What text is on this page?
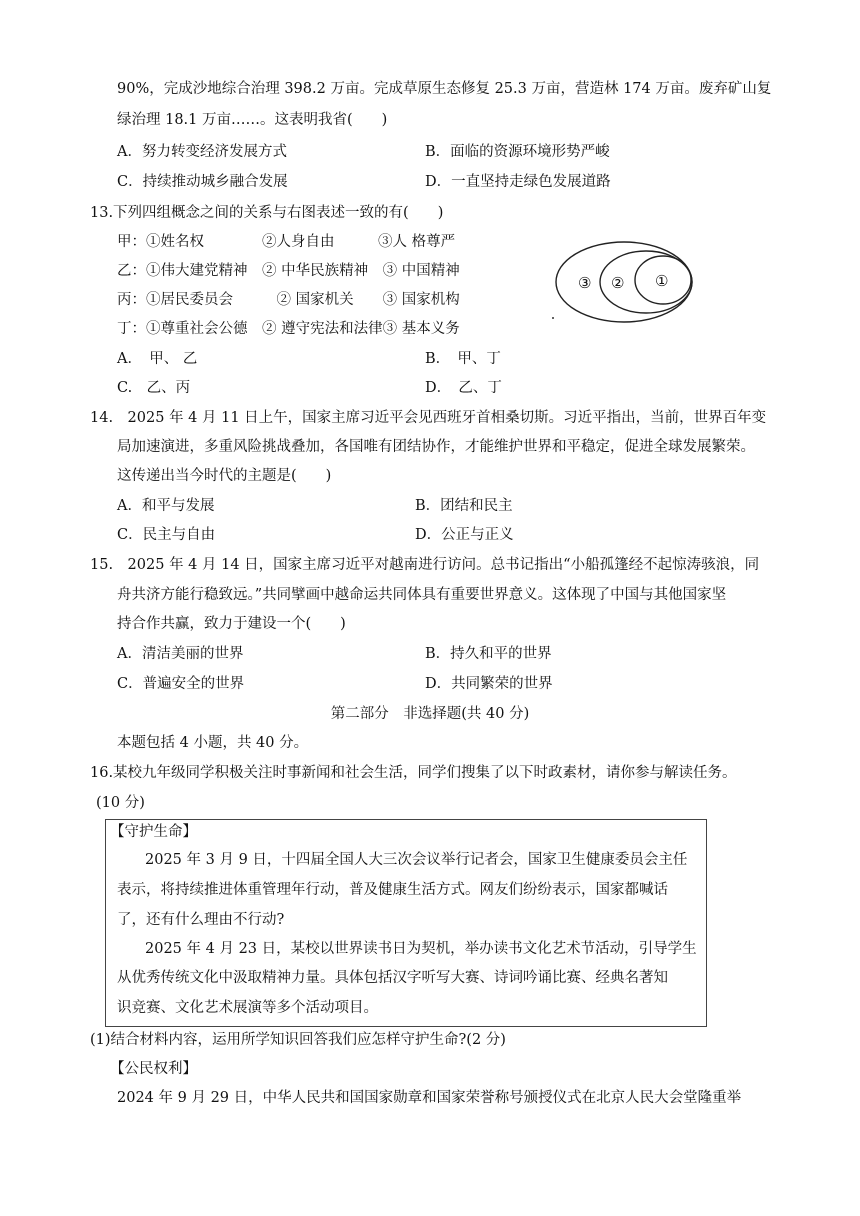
90%，完成沙地综合治理 398.2 万亩。完成草原生态修复 25.3 万亩，营造林 174 万亩。废弃矿山复
绿治理 18.1 万亩……。这表明我省(　　)
A．努力转变经济发展方式	B．面临的资源环境形势严峻
C．持续推动城乡融合发展	D．一直坚持走绿色发展道路
13.下列四组概念之间的关系与右图表述一致的有(　　)
甲：①姓名权　　　　②人身自由　　　③人 格尊严
乙：①伟大建党精神　② 中华民族精神　③ 中国精神
丙：①居民委员会　　　② 国家机关　　③ 国家机构
丁：①尊重社会公德　② 遵守宪法和法律③ 基本义务
A．　甲、 乙	B．　甲、丁
C.　乙、丙	D．　乙、丁
③ ② ①
14.　2025 年 4 月 11 日上午，国家主席习近平会见西班牙首相桑切斯。习近平指出，当前，世界百年变
局加速演进，多重风险挑战叠加，各国唯有团结协作，才能维护世界和平稳定，促进全球发展繁荣。
这传递出当今时代的主题是(　　)
A．和平与发展	B．团结和民主
C．民主与自由	D．公正与正义
15.　2025 年 4 月 14 日，国家主席习近平对越南进行访问。总书记指出“小船孤篷经不起惊涛骇浪，同
舟共济方能行稳致远。”共同擘画中越命运共同体具有重要世界意义。这体现了中国与其他国家坚
持合作共赢，致力于建设一个(　　)
A．清洁美丽的世界	B．持久和平的世界
C．普遍安全的世界	D．共同繁荣的世界
第二部分　非选择题(共 40 分)
本题包括 4 小题，共 40 分。
16.某校九年级同学积极关注时事新闻和社会生活，同学们搜集了以下时政素材，请你参与解读任务。
(10 分)
【守护生命】
2025 年 3 月 9 日，十四届全国人大三次会议举行记者会，国家卫生健康委员会主任
表示，将持续推进体重管理年行动，普及健康生活方式。网友们纷纷表示，国家都喊话
了，还有什么理由不行动?
2025 年 4 月 23 日，某校以世界读书日为契机，举办读书文化艺术节活动，引导学生
从优秀传统文化中汲取精神力量。具体包括汉字听写大赛、诗词吟诵比赛、经典名著知
识竞赛、文化艺术展演等多个活动项目。
(1)结合材料内容，运用所学知识回答我们应怎样守护生命?(2 分)
【公民权利】
2024 年 9 月 29 日，中华人民共和国国家勋章和国家荣誉称号颁授仪式在北京人民大会堂隆重举
